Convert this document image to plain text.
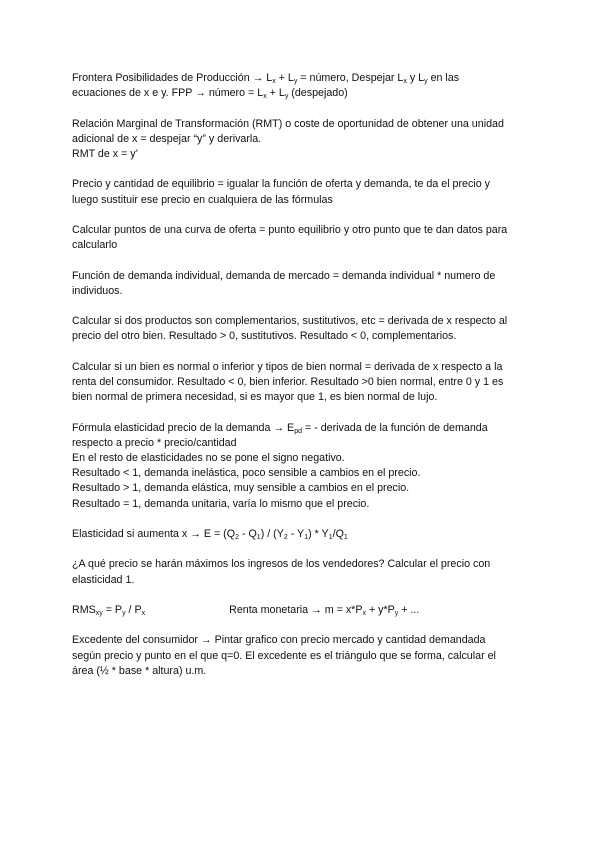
Frontera Posibilidades de Producción → $L_x + L_y$ = número, Despejar $L_x$ y $L_y$ en las
ecuaciones de x e y. FPP → número = $L_x + L_y$ (despejado)
Relación Marginal de Transformación (RMT) o coste de oportunidad de obtener una unidad
adicional de x = despejar “y” y derivarla.
RMT de x = y’
Precio y cantidad de equilibrio = igualar la función de oferta y demanda, te da el precio y
luego sustituir ese precio en cualquiera de las fórmulas
Calcular puntos de una curva de oferta = punto equilibrio y otro punto que te dan datos para
calcularlo
Función de demanda individual, demanda de mercado = demanda individual * numero de
individuos.
Calcular si dos productos son complementarios, sustitutivos, etc = derivada de x respecto al
precio del otro bien. Resultado > 0, sustitutivos. Resultado < 0, complementarios.
Calcular si un bien es normal o inferior y tipos de bien normal = derivada de x respecto a la
renta del consumidor. Resultado < 0, bien inferior. Resultado >0 bien normal, entre 0 y 1 es
bien normal de primera necesidad, si es mayor que 1, es bien normal de lujo.
Fórmula elasticidad precio de la demanda → $E_{pd}$ = - derivada de la función de demanda
respecto a precio * precio/cantidad
En el resto de elasticidades no se pone el signo negativo.
Resultado < 1, demanda inelástica, poco sensible a cambios en el precio.
Resultado > 1, demanda elástica, muy sensible a cambios en el precio.
Resultado = 1, demanda unitaria, varía lo mismo que el precio.
Elasticidad si aumenta $x \to E = (Q_2 - Q_1) / (Y_2 - Y_1) * Y_1/Q_1$
¿A qué precio se harán máximos los ingresos de los vendedores? Calcular el precio con
elasticidad 1.
$RMS_{xy} = P_y / P_x$	Renta monetaria → $m = x*P_x + y*P_y$ + ...
Excedente del consumidor → Pintar grafico con precio mercado y cantidad demandada
según precio y punto en el que q=0. El excedente es el triángulo que se forma, calcular el
área (½ * base * altura) u.m.
